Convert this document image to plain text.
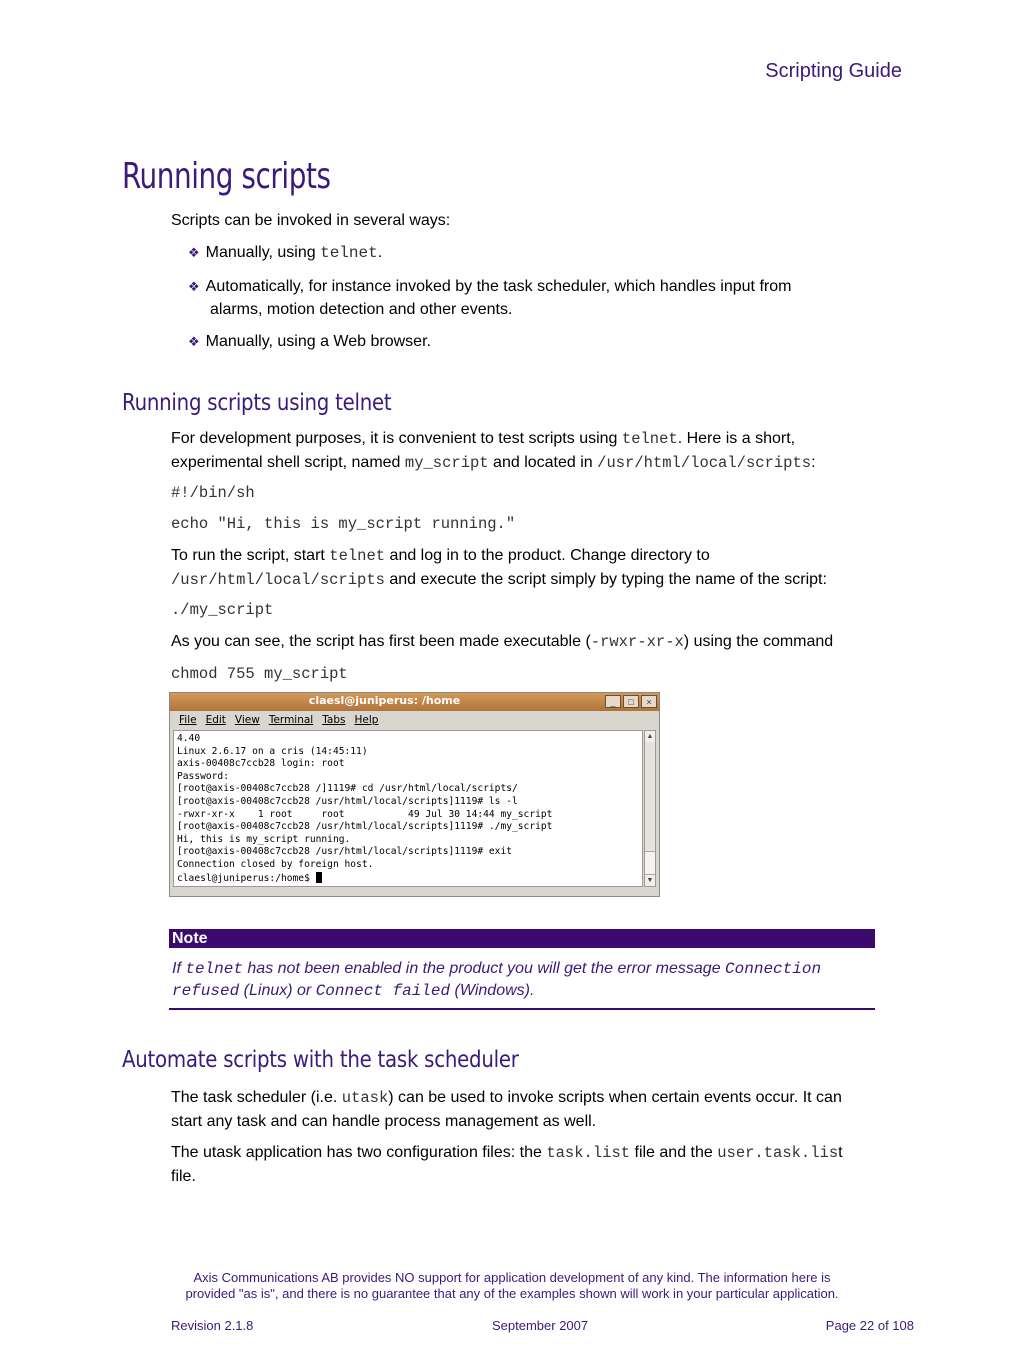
Scripting Guide
Running scripts
Scripts can be invoked in several ways:
❖ Manually, using telnet.
❖ Automatically, for instance invoked by the task scheduler, which handles input from
alarms, motion detection and other events.
❖ Manually, using a Web browser.
Running scripts using telnet
For development purposes, it is convenient to test scripts using telnet. Here is a short,
experimental shell script, named my_script and located in /usr/html/local/scripts:
#!/bin/sh
echo "Hi, this is my_script running."
To run the script, start telnet and log in to the product. Change directory to
/usr/html/local/scripts and execute the script simply by typing the name of the script:
./my_script
As you can see, the script has first been made executable (-rwxr-xr-x) using the command
chmod 755 my_script
claesl@juniperus: /home	_	□	×
File Edit View Terminal Tabs Help
4.40
Linux 2.6.17 on a cris (14:45:11)
axis-00408c7ccb28 login: root
Password:
[root@axis-00408c7ccb28 /]1119# cd /usr/html/local/scripts/
[root@axis-00408c7ccb28 /usr/html/local/scripts]1119# ls -l
-rwxr-xr-x    1 root     root           49 Jul 30 14:44 my_script
[root@axis-00408c7ccb28 /usr/html/local/scripts]1119# ./my_script
Hi, this is my_script running.
[root@axis-00408c7ccb28 /usr/html/local/scripts]1119# exit
Connection closed by foreign host.
claesl@juniperus:/home$
▲
▼
Note
If telnet has not been enabled in the product you will get the error message Connection
refused (Linux) or Connect failed (Windows).
Automate scripts with the task scheduler
The task scheduler (i.e. utask) can be used to invoke scripts when certain events occur. It can
start any task and can handle process management as well.
The utask application has two configuration files: the task.list file and the user.task.list
file.
Axis Communications AB provides NO support for application development of any kind. The information here is
provided "as is", and there is no guarantee that any of the examples shown will work in your particular application.
Revision 2.1.8	September 2007	Page 22 of 108
